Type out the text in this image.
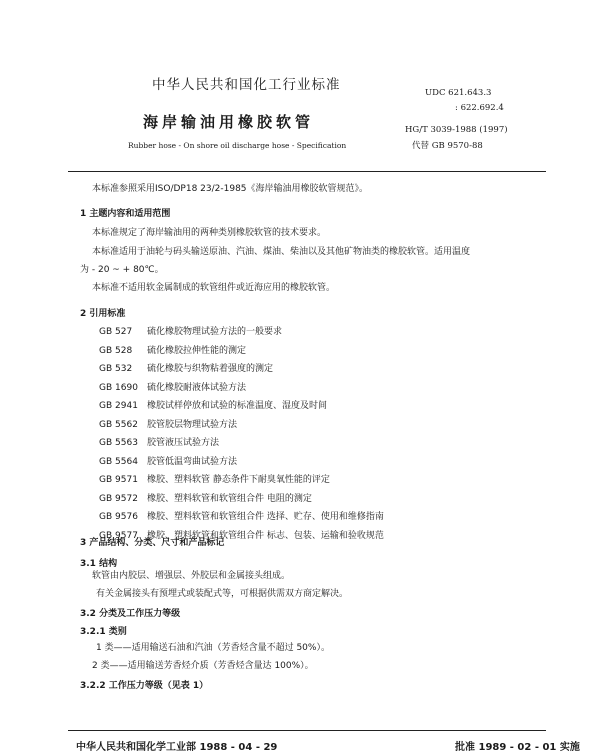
中华人民共和国化工行业标准	UDC 621.643.3
: 622.692.4
海岸输油用橡胶软管	HG/T 3039-1988 (1997)
代替 GB 9570-88
Rubber hose - On shore oil discharge hose - Specification
本标准参照采用ISO/DP18 23/2-1985《海岸输油用橡胶软管规范》。
1 主题内容和适用范围
本标准规定了海岸输油用的两种类别橡胶软管的技术要求。
本标准适用于油轮与码头输送原油、汽油、煤油、柴油以及其他矿物油类的橡胶软管。适用温度
为 - 20 ~ + 80℃。
本标准不适用软金属制成的软管组件或近海应用的橡胶软管。
2 引用标准
GB 527 硫化橡胶物理试验方法的一般要求
GB 528 硫化橡胶拉伸性能的测定
GB 532 硫化橡胶与织物粘着强度的测定
GB 1690 硫化橡胶耐液体试验方法
GB 2941 橡胶试样停放和试验的标准温度、湿度及时间
GB 5562 胶管胶层物理试验方法
GB 5563 胶管液压试验方法
GB 5564 胶管低温弯曲试验方法
GB 9571 橡胶、塑料软管 静态条件下耐臭氧性能的评定
GB 9572 橡胶、塑料软管和软管组合件 电阻的测定
GB 9576 橡胶、塑料软管和软管组合件 选择、贮存、使用和维修指南
GB 9577 橡胶、塑料软管和软管组合件 标志、包装、运输和验收规范
3 产品结构、分类、尺寸和产品标记
3.1 结构
软管由内胶层、增强层、外胶层和金属接头组成。
有关金属接头有预埋式或装配式等，可根据供需双方商定解决。
3.2 分类及工作压力等级
3.2.1 类别
1 类——适用输送石油和汽油（芳香烃含量不超过 50%）。
2 类——适用输送芳香烃介质（芳香烃含量达 100%）。
3.2.2 工作压力等级（见表 1）
中华人民共和国化学工业部 1988 - 04 - 29	批准 1989 - 02 - 01 实施
